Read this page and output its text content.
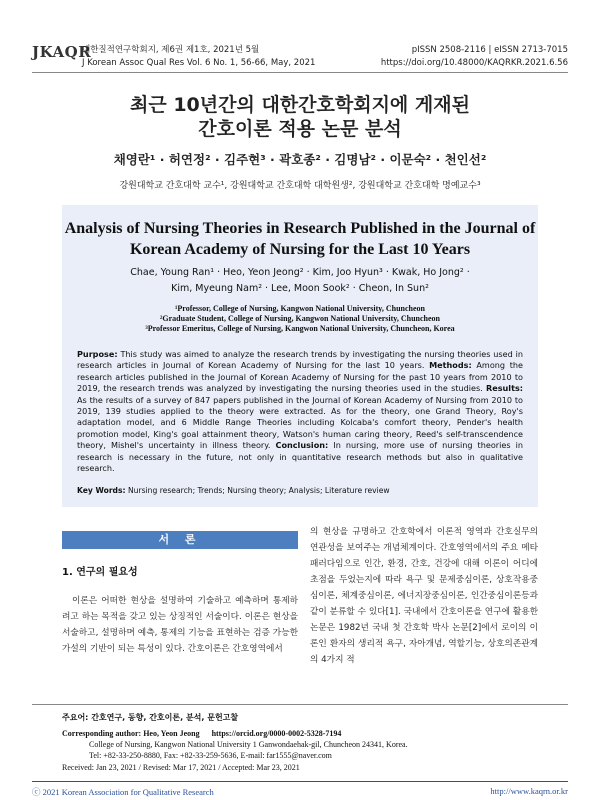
JKAQR
대한질적연구학회지, 제6권 제1호, 2021년 5월
J Korean Assoc Qual Res Vol. 6 No. 1, 56-66, May, 2021
pISSN 2508-2116 | eISSN 2713-7015
https://doi.org/10.48000/KAQRKR.2021.6.56
최근 10년간의 대한간호학회지에 게재된
간호이론 적용 논문 분석
채영란¹ · 허연정² · 김주현³ · 곽호종² · 김명남² · 이문숙² · 천인선²
강원대학교 간호대학 교수¹, 강원대학교 간호대학 대학원생², 강원대학교 간호대학 명예교수³
Analysis of Nursing Theories in Research Published in the Journal of
Korean Academy of Nursing for the Last 10 Years
Chae, Young Ran¹ · Heo, Yeon Jeong² · Kim, Joo Hyun³ · Kwak, Ho Jong² ·
Kim, Myeung Nam² · Lee, Moon Sook² · Cheon, In Sun²
¹Professor, College of Nursing, Kangwon National University, Chuncheon
²Graduate Student, College of Nursing, Kangwon National University, Chuncheon
³Professor Emeritus, College of Nursing, Kangwon National University, Chuncheon, Korea
Purpose: This study was aimed to analyze the research trends by investigating the nursing theories used in research articles in Journal of Korean Academy of Nursing for the last 10 years. Methods: Among the research articles published in the Journal of Korean Academy of Nursing for the past 10 years from 2010 to 2019, the research trends was analyzed by investigating the nursing theories used in the studies. Results: As the results of a survey of 847 papers published in the Journal of Korean Academy of Nursing from 2010 to 2019, 139 studies applied to the theory were extracted. As for the theory, one Grand Theory, Roy's adaptation model, and 6 Middle Range Theories including Kolcaba's comfort theory, Pender's health promotion model, King's goal attainment theory, Watson's human caring theory, Reed's self-transcendence theory, Mishel's uncertainty in illness theory. Conclusion: In nursing, more use of nursing theories in research is necessary in the future, not only in quantitative research methods but also in qualitative research.
Key Words: Nursing research; Trends; Nursing theory; Analysis; Literature review
서 론
1. 연구의 필요성
이론은 어떠한 현상을 설명하여 기술하고 예측하며 통제하려고 하는 목적을 갖고 있는 상징적인 서술이다. 이론은 현상을 서술하고, 설명하며 예측, 통제의 기능을 표현하는 검증 가능한 가설의 기반이 되는 특성이 있다. 간호이론은 간호영역에서
의 현상을 규명하고 간호학에서 이론적 영역과 간호실무의 연관성을 보여주는 개념체계이다. 간호영역에서의 주요 메타패러다임으로 인간, 환경, 간호, 건강에 대해 이론이 어디에 초점을 두었는지에 따라 욕구 및 문제중심이론, 상호작용중심이론, 체계중심이론, 에너지장중심이론, 인간중심이론등과 같이 분류할 수 있다[1]. 국내에서 간호이론을 연구에 활용한 논문은 1982년 국내 첫 간호학 박사 논문[2]에서 로이의 이론인 환자의 생리적 욕구, 자아개념, 역할기능, 상호의존관계의 4가지 적
주요어: 간호연구, 동향, 간호이론, 분석, 문헌고찰
Corresponding author: Heo, Yeon Jeong https://orcid.org/0000-0002-5328-7194
College of Nursing, Kangwon National University 1 Ganwondaehak-gil, Chuncheon 24341, Korea.
Tel: +82-33-250-8880, Fax: +82-33-259-5636, E-mail: far1555@naver.com
Received: Jan 23, 2021 / Revised: Mar 17, 2021 / Accepted: Mar 23, 2021
ⓒ 2021 Korean Association for Qualitative Research	http://www.kaqrn.or.kr
